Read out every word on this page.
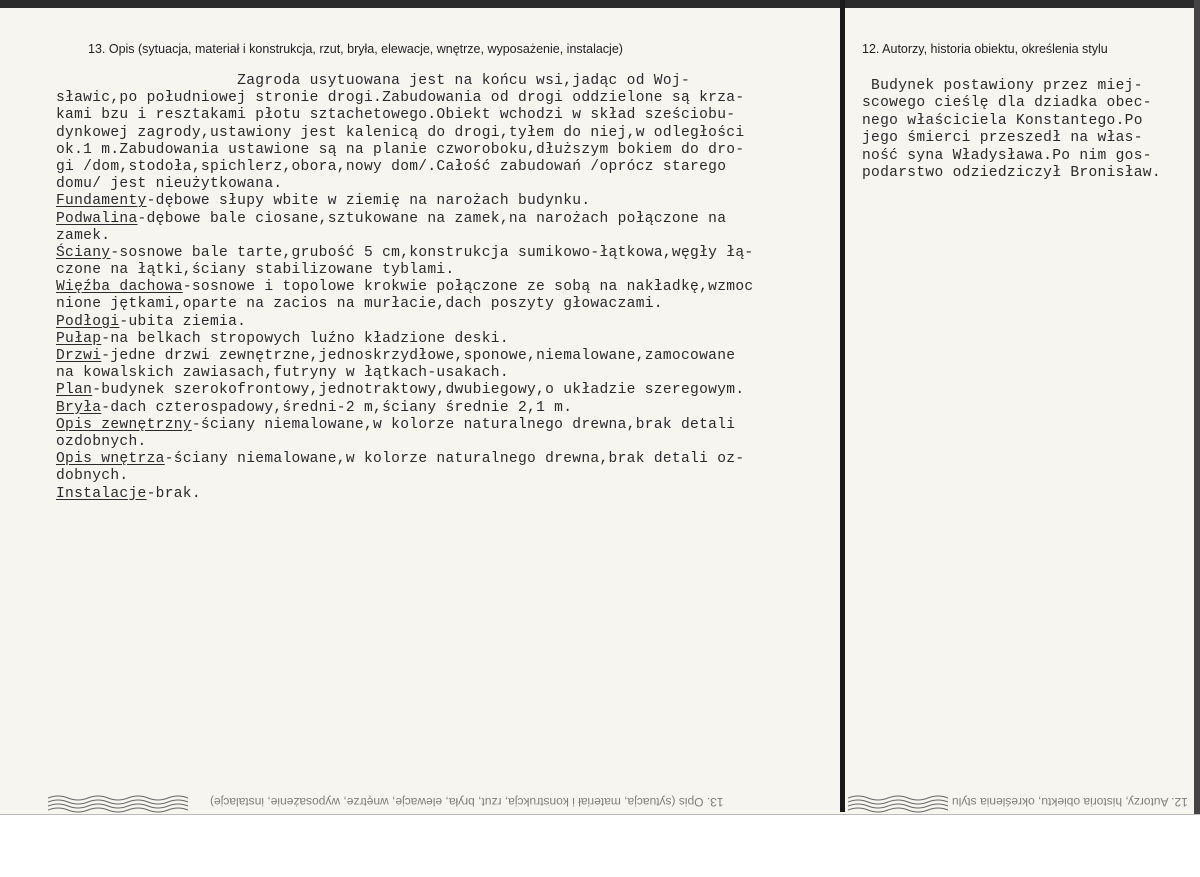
13. Opis (sytuacja, materiał i konstrukcja, rzut, bryła, elewacje, wnętrze, wyposażenie, instalacje)	12. Autorzy, historia obiektu, określenia stylu
Zagroda usytuowana jest na końcu wsi,jadąc od Woj-
sławic,po południowej stronie drogi.Zabudowania od drogi oddzielone są krza-
kami bzu i resztakami płotu sztachetowego.Obiekt wchodzi w skład sześciobu-
dynkowej zagrody,ustawiony jest kalenicą do drogi,tyłem do niej,w odległości
ok.1 m.Zabudowania ustawione są na planie czworoboku,dłuższym bokiem do dro-
gi /dom,stodoła,spichlerz,obora,nowy dom/.Całość zabudowań /oprócz starego
domu/ jest nieużytkowana.
Fundamenty-dębowe słupy wbite w ziemię na narożach budynku.
Podwalina-dębowe bale ciosane,sztukowane na zamek,na narożach połączone na
zamek.
Ściany-sosnowe bale tarte,grubość 5 cm,konstrukcja sumikowo-łątkowa,węgły łą-
czone na łątki,ściany stabilizowane tyblami.
Więźba dachowa-sosnowe i topolowe krokwie połączone ze sobą na nakładkę,wzmoc
nione jętkami,oparte na zacios na murłacie,dach poszyty głowaczami.
Podłogi-ubita ziemia.
Pułap-na belkach stropowych luźno kładzione deski.
Drzwi-jedne drzwi zewnętrzne,jednoskrzydłowe,sponowe,niemalowane,zamocowane
na kowalskich zawiasach,futryny w łątkach-usakach.
Plan-budynek szerokofrontowy,jednotraktowy,dwubiegowy,o układzie szeregowym.
Bryła-dach czterospadowy,średni-2 m,ściany średnie 2,1 m.
Opis zewnętrzny-ściany niemalowane,w kolorze naturalnego drewna,brak detali
ozdobnych.
Opis wnętrza-ściany niemalowane,w kolorze naturalnego drewna,brak detali oz-
dobnych.
Instalacje-brak.
Budynek postawiony przez miej-
scowego cieślę dla dziadka obec-
nego właściciela Konstantego.Po
jego śmierci przeszedł na włas-
ność syna Władysława.Po nim gos-
podarstwo odziedziczył Bronisław.
13. Opis (sytuacja, materiał i konstrukcja, rzut, bryła, elewacje, wnętrze, wyposażenie, instalacje)	12. Autorzy, historia obiektu, określenia stylu
